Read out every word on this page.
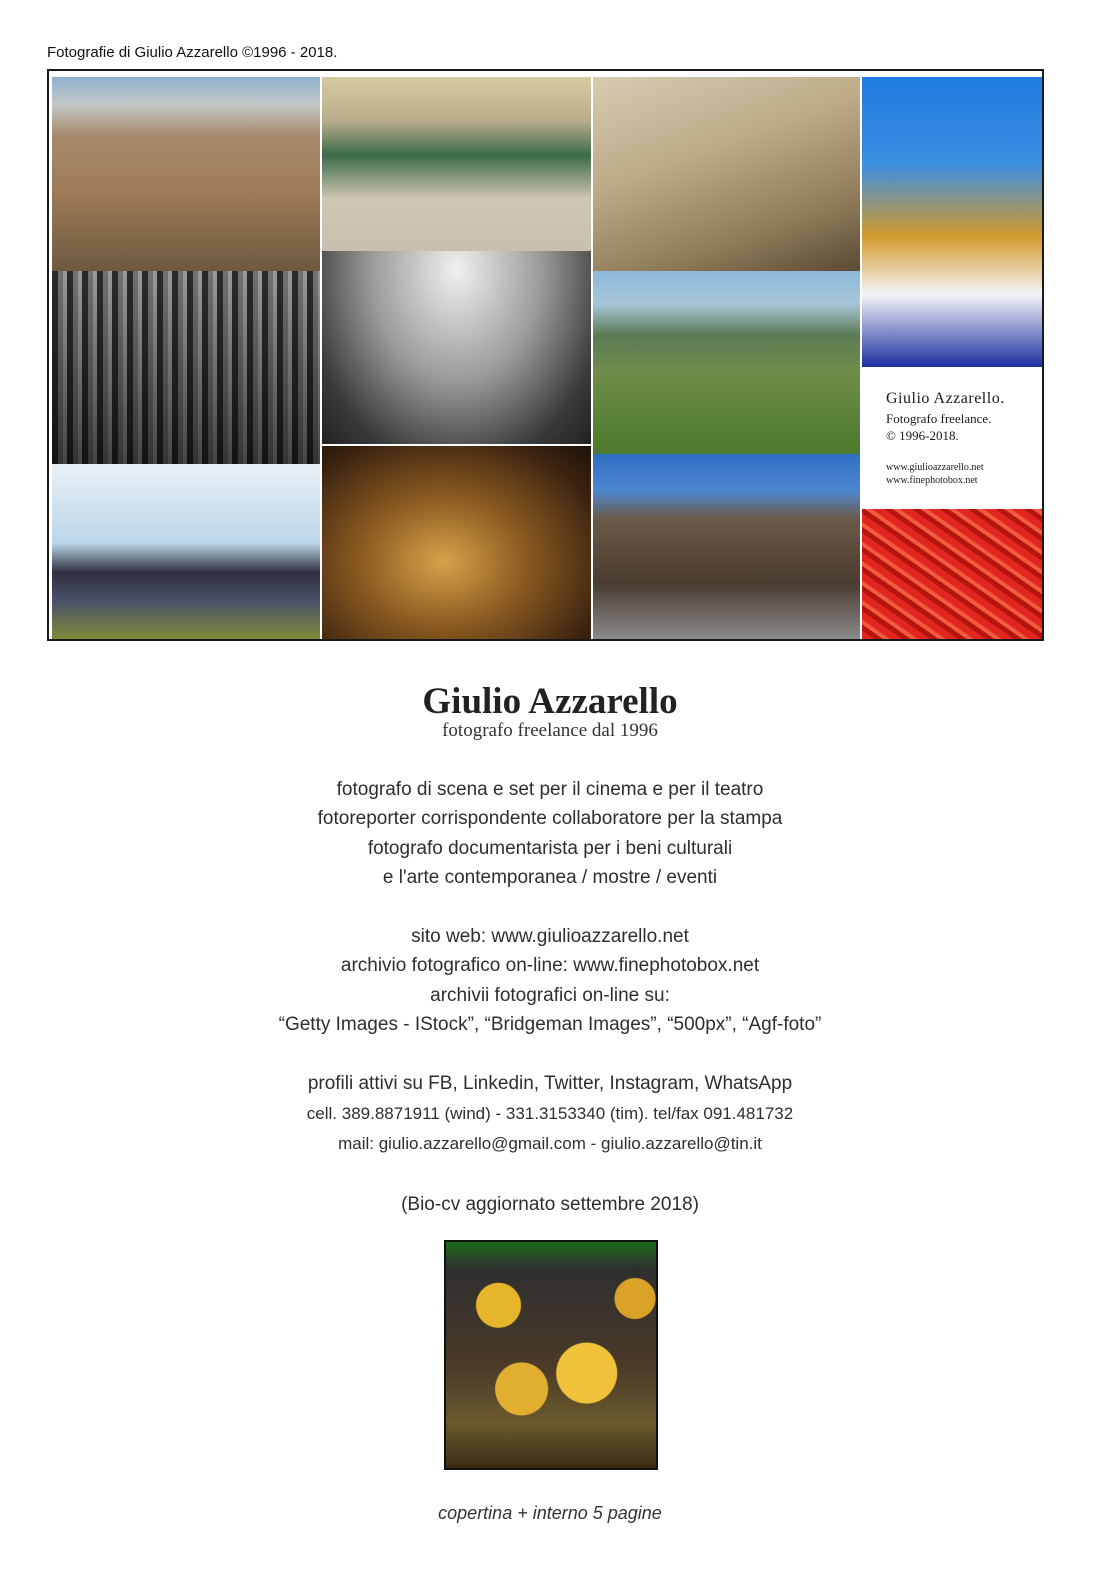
Fotografie di Giulio Azzarello ©1996 - 2018.
Giulio Azzarello.
Fotografo freelance.
© 1996-2018.
www.giulioazzarello.net
www.finephotobox.net
Giulio Azzarello
fotografo freelance dal 1996
fotografo di scena e set per il cinema e per il teatro
fotoreporter corrispondente collaboratore per la stampa
fotografo documentarista per i beni culturali
e l'arte contemporanea / mostre / eventi
sito web: www.giulioazzarello.net
archivio fotografico on-line: www.finephotobox.net
archivii fotografici on-line su:
“Getty Images - IStock”, “Bridgeman Images”, “500px”, “Agf-foto”
profili attivi su FB, Linkedin, Twitter, Instagram, WhatsApp
cell. 389.8871911 (wind) - 331.3153340 (tim). tel/fax 091.481732
mail: giulio.azzarello@gmail.com - giulio.azzarello@tin.it
(Bio-cv aggiornato settembre 2018)
copertina + interno 5 pagine
